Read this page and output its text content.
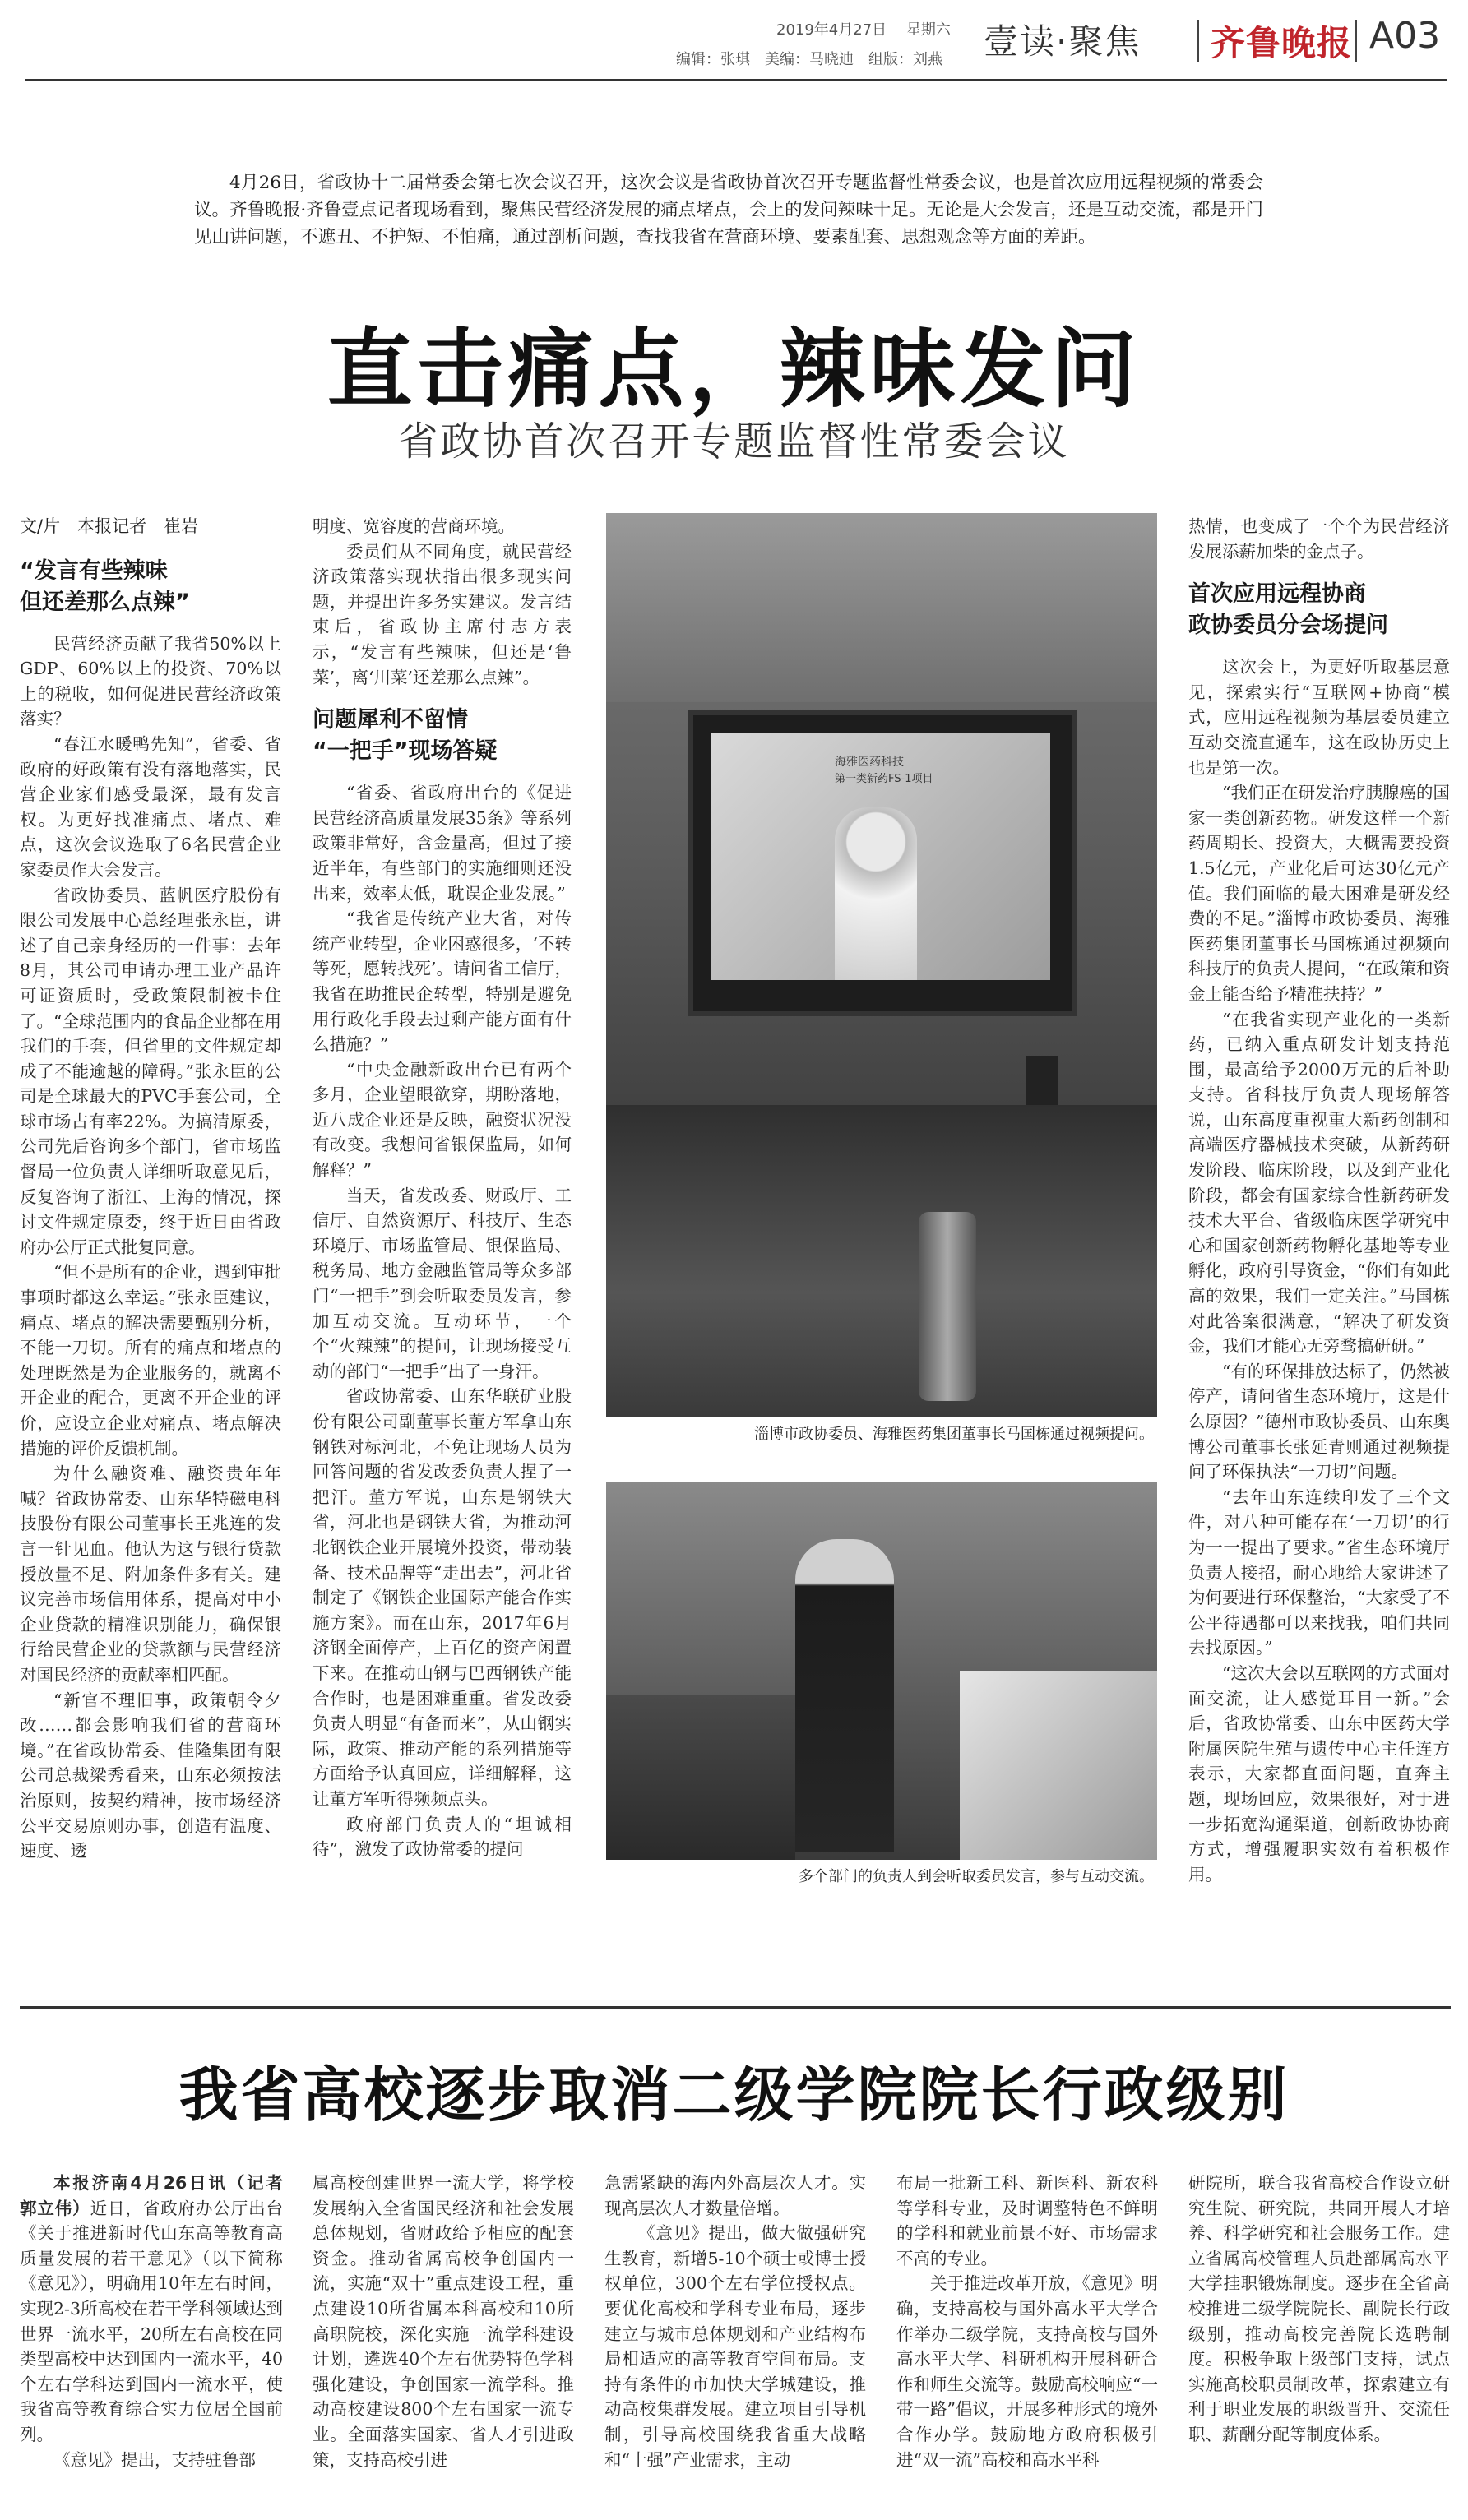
2019年4月27日 星期六
编辑：张琪　美编：马晓迪　组版：刘燕 壹读·聚焦 齐鲁晚报 A03
4月26日，省政协十二届常委会第七次会议召开，这次会议是省政协首次召开专题监督性常委会议，也是首次应用远程视频的常委会议。齐鲁晚报·齐鲁壹点记者现场看到，聚焦民营经济发展的痛点堵点，会上的发问辣味十足。无论是大会发言，还是互动交流，都是开门见山讲问题，不遮丑、不护短、不怕痛，通过剖析问题，查找我省在营商环境、要素配套、思想观念等方面的差距。
直击痛点，辣味发问
省政协首次召开专题监督性常委会议
文/片　本报记者　崔岩
“发言有些辣味
但还差那么点辣”

民营经济贡献了我省50%以上GDP、60%以上的投资、70%以上的税收，如何促进民营经济政策落实？

“春江水暖鸭先知”，省委、省政府的好政策有没有落地落实，民营企业家们感受最深，最有发言权。为更好找准痛点、堵点、难点，这次会议选取了6名民营企业家委员作大会发言。

省政协委员、蓝帆医疗股份有限公司发展中心总经理张永臣，讲述了自己亲身经历的一件事：去年8月，其公司申请办理工业产品许可证资质时，受政策限制被卡住了。“全球范围内的食品企业都在用我们的手套，但省里的文件规定却成了不能逾越的障碍。”张永臣的公司是全球最大的PVC手套公司，全球市场占有率22%。为搞清原委，公司先后咨询多个部门，省市场监督局一位负责人详细听取意见后，反复咨询了浙江、上海的情况，探讨文件规定原委，终于近日由省政府办公厅正式批复同意。

“但不是所有的企业，遇到审批事项时都这么幸运。”张永臣建议，痛点、堵点的解决需要甄别分析，不能一刀切。所有的痛点和堵点的处理既然是为企业服务的，就离不开企业的配合，更离不开企业的评价，应设立企业对痛点、堵点解决措施的评价反馈机制。

为什么融资难、融资贵年年喊？省政协常委、山东华特磁电科技股份有限公司董事长王兆连的发言一针见血。他认为这与银行贷款授放量不足、附加条件多有关。建议完善市场信用体系，提高对中小企业贷款的精准识别能力，确保银行给民营企业的贷款额与民营经济对国民经济的贡献率相匹配。

“新官不理旧事，政策朝令夕改……都会影响我们省的营商环境。”在省政协常委、佳隆集团有限公司总裁梁秀看来，山东必须按法治原则，按契约精神，按市场经济公平交易原则办事，创造有温度、速度、透

明度、宽容度的营商环境。

委员们从不同角度，就民营经济政策落实现状指出很多现实问题，并提出许多务实建议。发言结束后，省政协主席付志方表示，“发言有些辣味，但还是‘鲁菜’，离‘川菜’还差那么点辣”。

问题犀利不留情
“一把手”现场答疑

“省委、省政府出台的《促进民营经济高质量发展35条》等系列政策非常好，含金量高，但过了接近半年，有些部门的实施细则还没出来，效率太低，耽误企业发展。”

“我省是传统产业大省，对传统产业转型，企业困惑很多，‘不转等死，愿转找死’。请问省工信厅，我省在助推民企转型，特别是避免用行政化手段去过剩产能方面有什么措施？”

“中央金融新政出台已有两个多月，企业望眼欲穿，期盼落地，近八成企业还是反映，融资状况没有改变。我想问省银保监局，如何解释？”

当天，省发改委、财政厅、工信厅、自然资源厅、科技厅、生态环境厅、市场监管局、银保监局、税务局、地方金融监管局等众多部门“一把手”到会听取委员发言，参加互动交流。互动环节，一个个“火辣辣”的提问，让现场接受互动的部门“一把手”出了一身汗。

省政协常委、山东华联矿业股份有限公司副董事长董方军拿山东钢铁对标河北，不免让现场人员为回答问题的省发改委负责人捏了一把汗。董方军说，山东是钢铁大省，河北也是钢铁大省，为推动河北钢铁企业开展境外投资，带动装备、技术品牌等“走出去”，河北省制定了《钢铁企业国际产能合作实施方案》。而在山东，2017年6月济钢全面停产，上百亿的资产闲置下来。在推动山钢与巴西钢铁产能合作时，也是困难重重。省发改委负责人明显“有备而来”，从山钢实际，政策、推动产能的系列措施等方面给予认真回应，详细解释，这让董方军听得频频点头。

政府部门负责人的“坦诚相待”，激发了政协常委的提问

海雅医药科技
第一类新药FS-1项目
淄博市政协委员、海雅医药集团董事长马国栋通过视频提问。
多个部门的负责人到会听取委员发言，参与互动交流。

热情，也变成了一个个为民营经济发展添薪加柴的金点子。

首次应用远程协商
政协委员分会场提问

这次会上，为更好听取基层意见，探索实行“互联网+协商”模式，应用远程视频为基层委员建立互动交流直通车，这在政协历史上也是第一次。

“我们正在研发治疗胰腺癌的国家一类创新药物。研发这样一个新药周期长、投资大，大概需要投资1.5亿元，产业化后可达30亿元产值。我们面临的最大困难是研发经费的不足。”淄博市政协委员、海雅医药集团董事长马国栋通过视频向科技厅的负责人提问，“在政策和资金上能否给予精准扶持？”

“在我省实现产业化的一类新药，已纳入重点研发计划支持范围，最高给予2000万元的后补助支持。省科技厅负责人现场解答说，山东高度重视重大新药创制和高端医疗器械技术突破，从新药研发阶段、临床阶段，以及到产业化阶段，都会有国家综合性新药研发技术大平台、省级临床医学研究中心和国家创新药物孵化基地等专业孵化，政府引导资金，“你们有如此高的效果，我们一定关注。”马国栋对此答案很满意，“解决了研发资金，我们才能心无旁骛搞研研。”

“有的环保排放达标了，仍然被停产，请问省生态环境厅，这是什么原因？”德州市政协委员、山东奥博公司董事长张延青则通过视频提问了环保执法“一刀切”问题。

“去年山东连续印发了三个文件，对八种可能存在‘一刀切’的行为一一提出了要求。”省生态环境厅负责人接招，耐心地给大家讲述了为何要进行环保整治，“大家受了不公平待遇都可以来找我，咱们共同去找原因。”

“这次大会以互联网的方式面对面交流，让人感觉耳目一新。”会后，省政协常委、山东中医药大学附属医院生殖与遗传中心主任连方表示，大家都直面问题，直奔主题，现场回应，效果很好，对于进一步拓宽沟通渠道，创新政协协商方式，增强履职实效有着积极作用。

我省高校逐步取消二级学院院长行政级别

本报济南4月26日讯（记者　郭立伟）近日，省政府办公厅出台《关于推进新时代山东高等教育高质量发展的若干意见》（以下简称《意见》），明确用10年左右时间，实现2-3所高校在若干学科领域达到世界一流水平，20所左右高校在同类型高校中达到国内一流水平，40个左右学科达到国内一流水平，使我省高等教育综合实力位居全国前列。

《意见》提出，支持驻鲁部

属高校创建世界一流大学，将学校发展纳入全省国民经济和社会发展总体规划，省财政给予相应的配套资金。推动省属高校争创国内一流，实施“双十”重点建设工程，重点建设10所省属本科高校和10所高职院校，深化实施一流学科建设计划，遴选40个左右优势特色学科强化建设，争创国家一流学科。推动高校建设800个左右国家一流专业。全面落实国家、省人才引进政策，支持高校引进

急需紧缺的海内外高层次人才。实现高层次人才数量倍增。

《意见》提出，做大做强研究生教育，新增5-10个硕士或博士授权单位，300个左右学位授权点。要优化高校和学科专业布局，逐步建立与城市总体规划和产业结构布局相适应的高等教育空间布局。支持有条件的市加快大学城建设，推动高校集群发展。建立项目引导机制，引导高校围绕我省重大战略和“十强”产业需求，主动

布局一批新工科、新医科、新农科等学科专业，及时调整特色不鲜明的学科和就业前景不好、市场需求不高的专业。

关于推进改革开放，《意见》明确，支持高校与国外高水平大学合作举办二级学院，支持高校与国外高水平大学、科研机构开展科研合作和师生交流等。鼓励高校响应“一带一路”倡议，开展多种形式的境外合作办学。鼓励地方政府积极引进“双一流”高校和高水平科

研院所，联合我省高校合作设立研究生院、研究院，共同开展人才培养、科学研究和社会服务工作。建立省属高校管理人员赴部属高水平大学挂职锻炼制度。逐步在全省高校推进二级学院院长、副院长行政级别，推动高校完善院长选聘制度。积极争取上级部门支持，试点实施高校职员制改革，探索建立有利于职业发展的职级晋升、交流任职、薪酬分配等制度体系。
